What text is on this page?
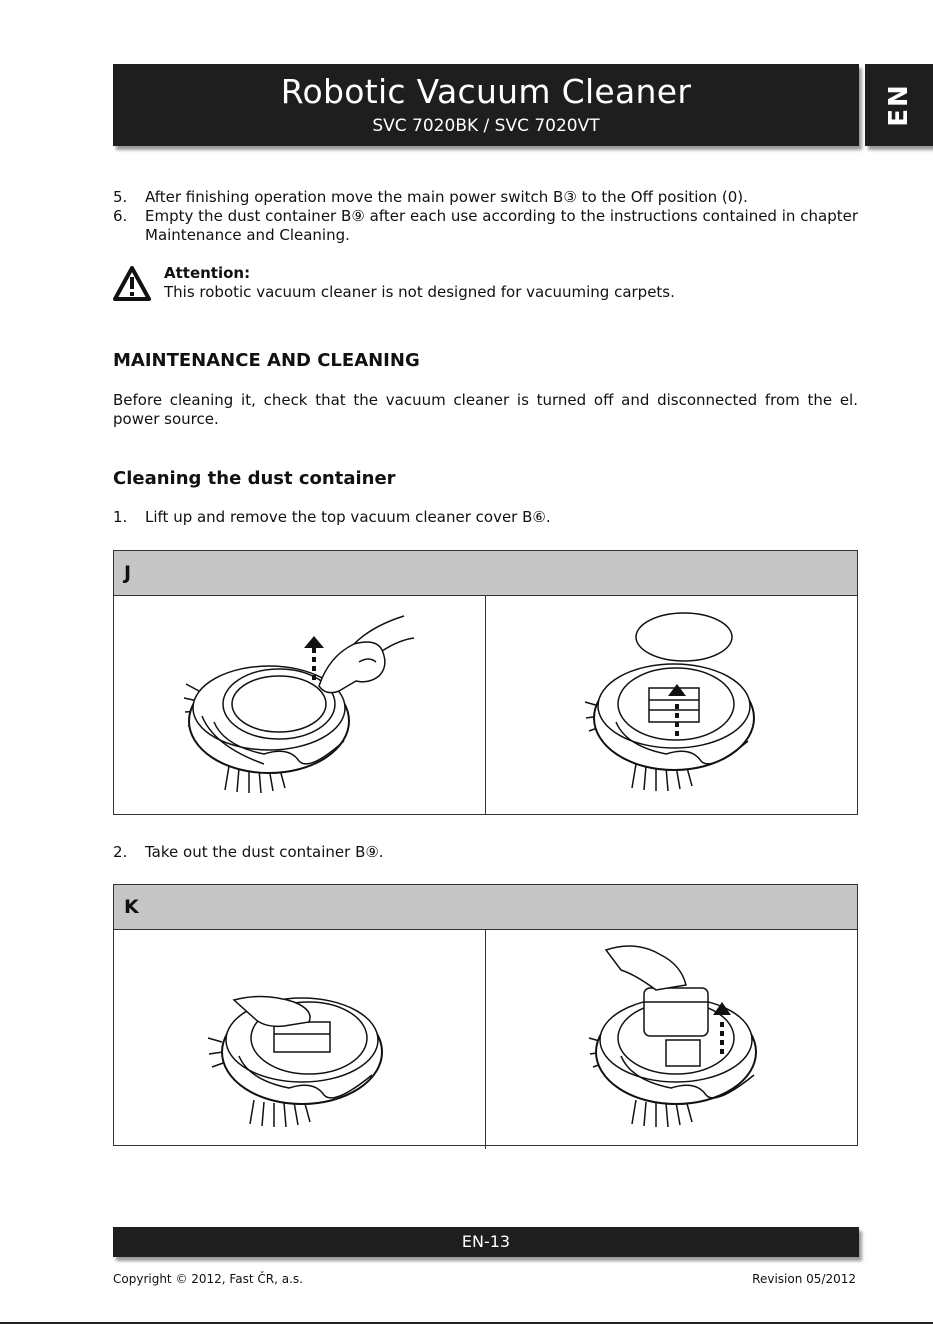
Robotic Vacuum Cleaner
SVC 7020BK / SVC 7020VT	EN
5. After finishing operation move the main power switch B③ to the Off position (0).
6. Empty the dust container B⑨ after each use according to the instructions contained in chapter Maintenance and Cleaning.
Attention:
This robotic vacuum cleaner is not designed for vacuuming carpets.
MAINTENANCE AND CLEANING
Before cleaning it, check that the vacuum cleaner is turned off and disconnected from the el. power source.
Cleaning the dust container
1. Lift up and remove the top vacuum cleaner cover B⑥.
J
2. Take out the dust container B⑨.
K
EN-13
Copyright © 2012, Fast ČR, a.s.	Revision 05/2012
